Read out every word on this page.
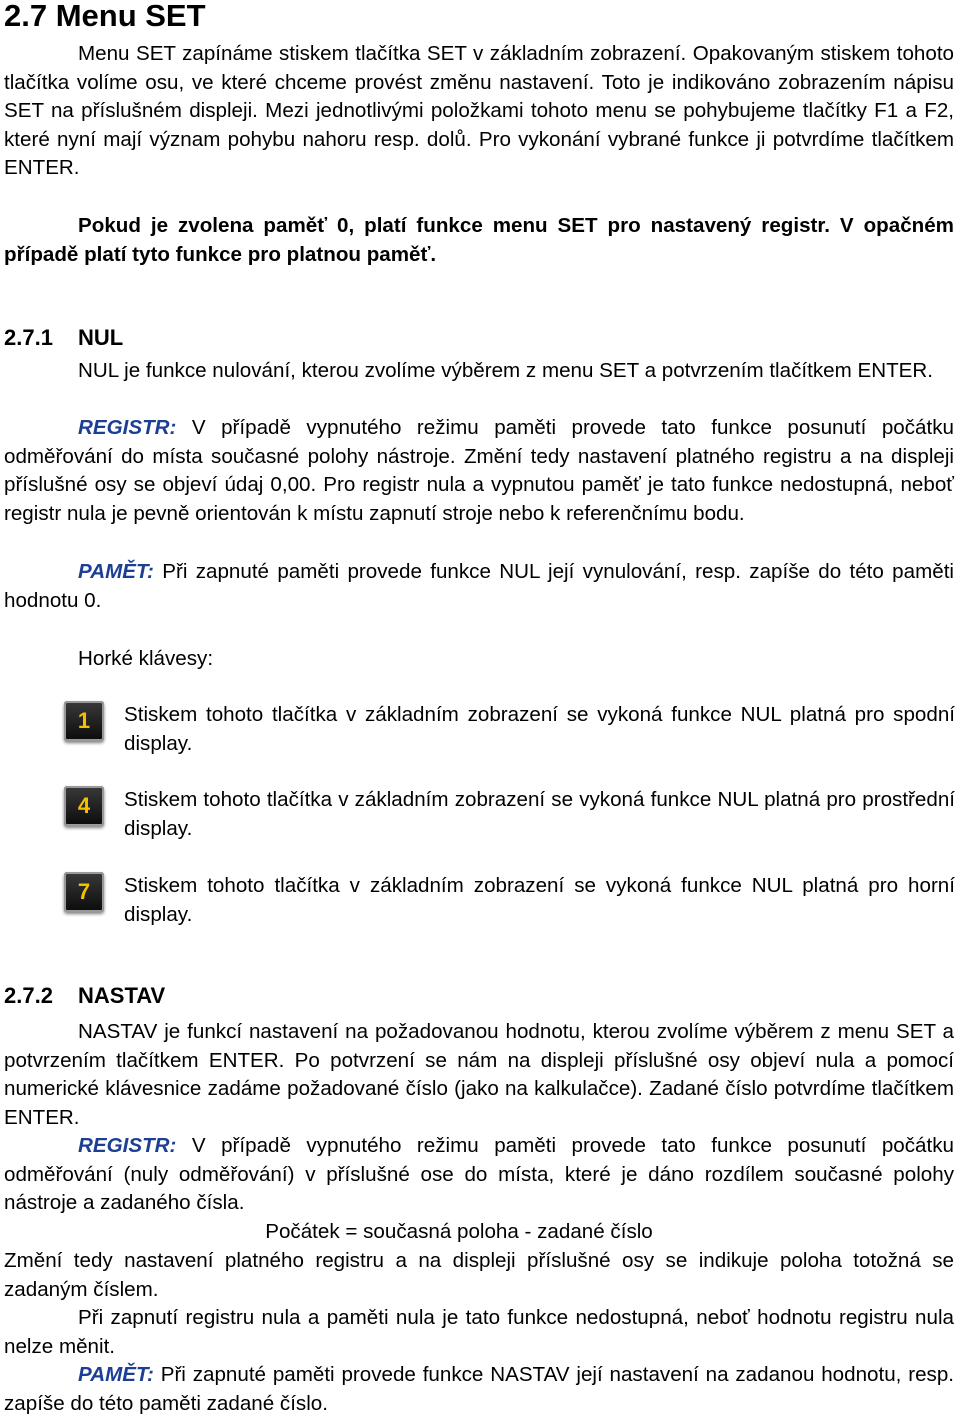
2.7 Menu SET

Menu SET zapínáme stiskem tlačítka SET v základním zobrazení. Opakovaným stiskem tohoto tlačítka volíme osu, ve které chceme provést změnu nastavení. Toto je indikováno zobrazením nápisu SET na příslušném displeji. Mezi jednotlivými položkami tohoto menu se pohybujeme tlačítky F1 a F2, které nyní mají význam pohybu nahoru resp. dolů. Pro vykonání vybrané funkce ji potvrdíme tlačítkem ENTER.

Pokud je zvolena paměť 0, platí funkce menu SET pro nastavený registr. V opačném případě platí tyto funkce pro platnou paměť.

2.7.1 NUL

NUL je funkce nulování, kterou zvolíme výběrem z menu SET a potvrzením tlačítkem ENTER.

REGISTR: V případě vypnutého režimu paměti provede tato funkce posunutí počátku odměřování do místa současné polohy nástroje. Změní tedy nastavení platného registru a na displeji příslušné osy se objeví údaj 0,00. Pro registr nula a vypnutou paměť je tato funkce nedostupná, neboť registr nula je pevně orientován k místu zapnutí stroje nebo k referenčnímu bodu.

PAMĚT: Při zapnuté paměti provede funkce NUL její vynulování, resp. zapíše do této paměti hodnotu 0.

Horké klávesy:
1 Stiskem tohoto tlačítka v základním zobrazení se vykoná funkce NUL platná pro spodní display.
4 Stiskem tohoto tlačítka v základním zobrazení se vykoná funkce NUL platná pro prostřední display.
7 Stiskem tohoto tlačítka v základním zobrazení se vykoná funkce NUL platná pro horní display.
2.7.2 NASTAV

NASTAV je funkcí nastavení na požadovanou hodnotu, kterou zvolíme výběrem z menu SET a potvrzením tlačítkem ENTER. Po potvrzení se nám na displeji příslušné osy objeví nula a pomocí numerické klávesnice zadáme požadované číslo (jako na kalkulačce). Zadané číslo potvrdíme tlačítkem ENTER.

REGISTR: V případě vypnutého režimu paměti provede tato funkce posunutí počátku odměřování (nuly odměřování) v příslušné ose do místa, které je dáno rozdílem současné polohy nástroje a zadaného čísla.

Počátek = současná poloha - zadané číslo

Změní tedy nastavení platného registru a na displeji příslušné osy se indikuje poloha totožná se zadaným číslem.

Při zapnutí registru nula a paměti nula je tato funkce nedostupná, neboť hodnotu registru nula nelze měnit.

PAMĚT: Při zapnuté paměti provede funkce NASTAV její nastavení na zadanou hodnotu, resp. zapíše do této paměti zadané číslo.
